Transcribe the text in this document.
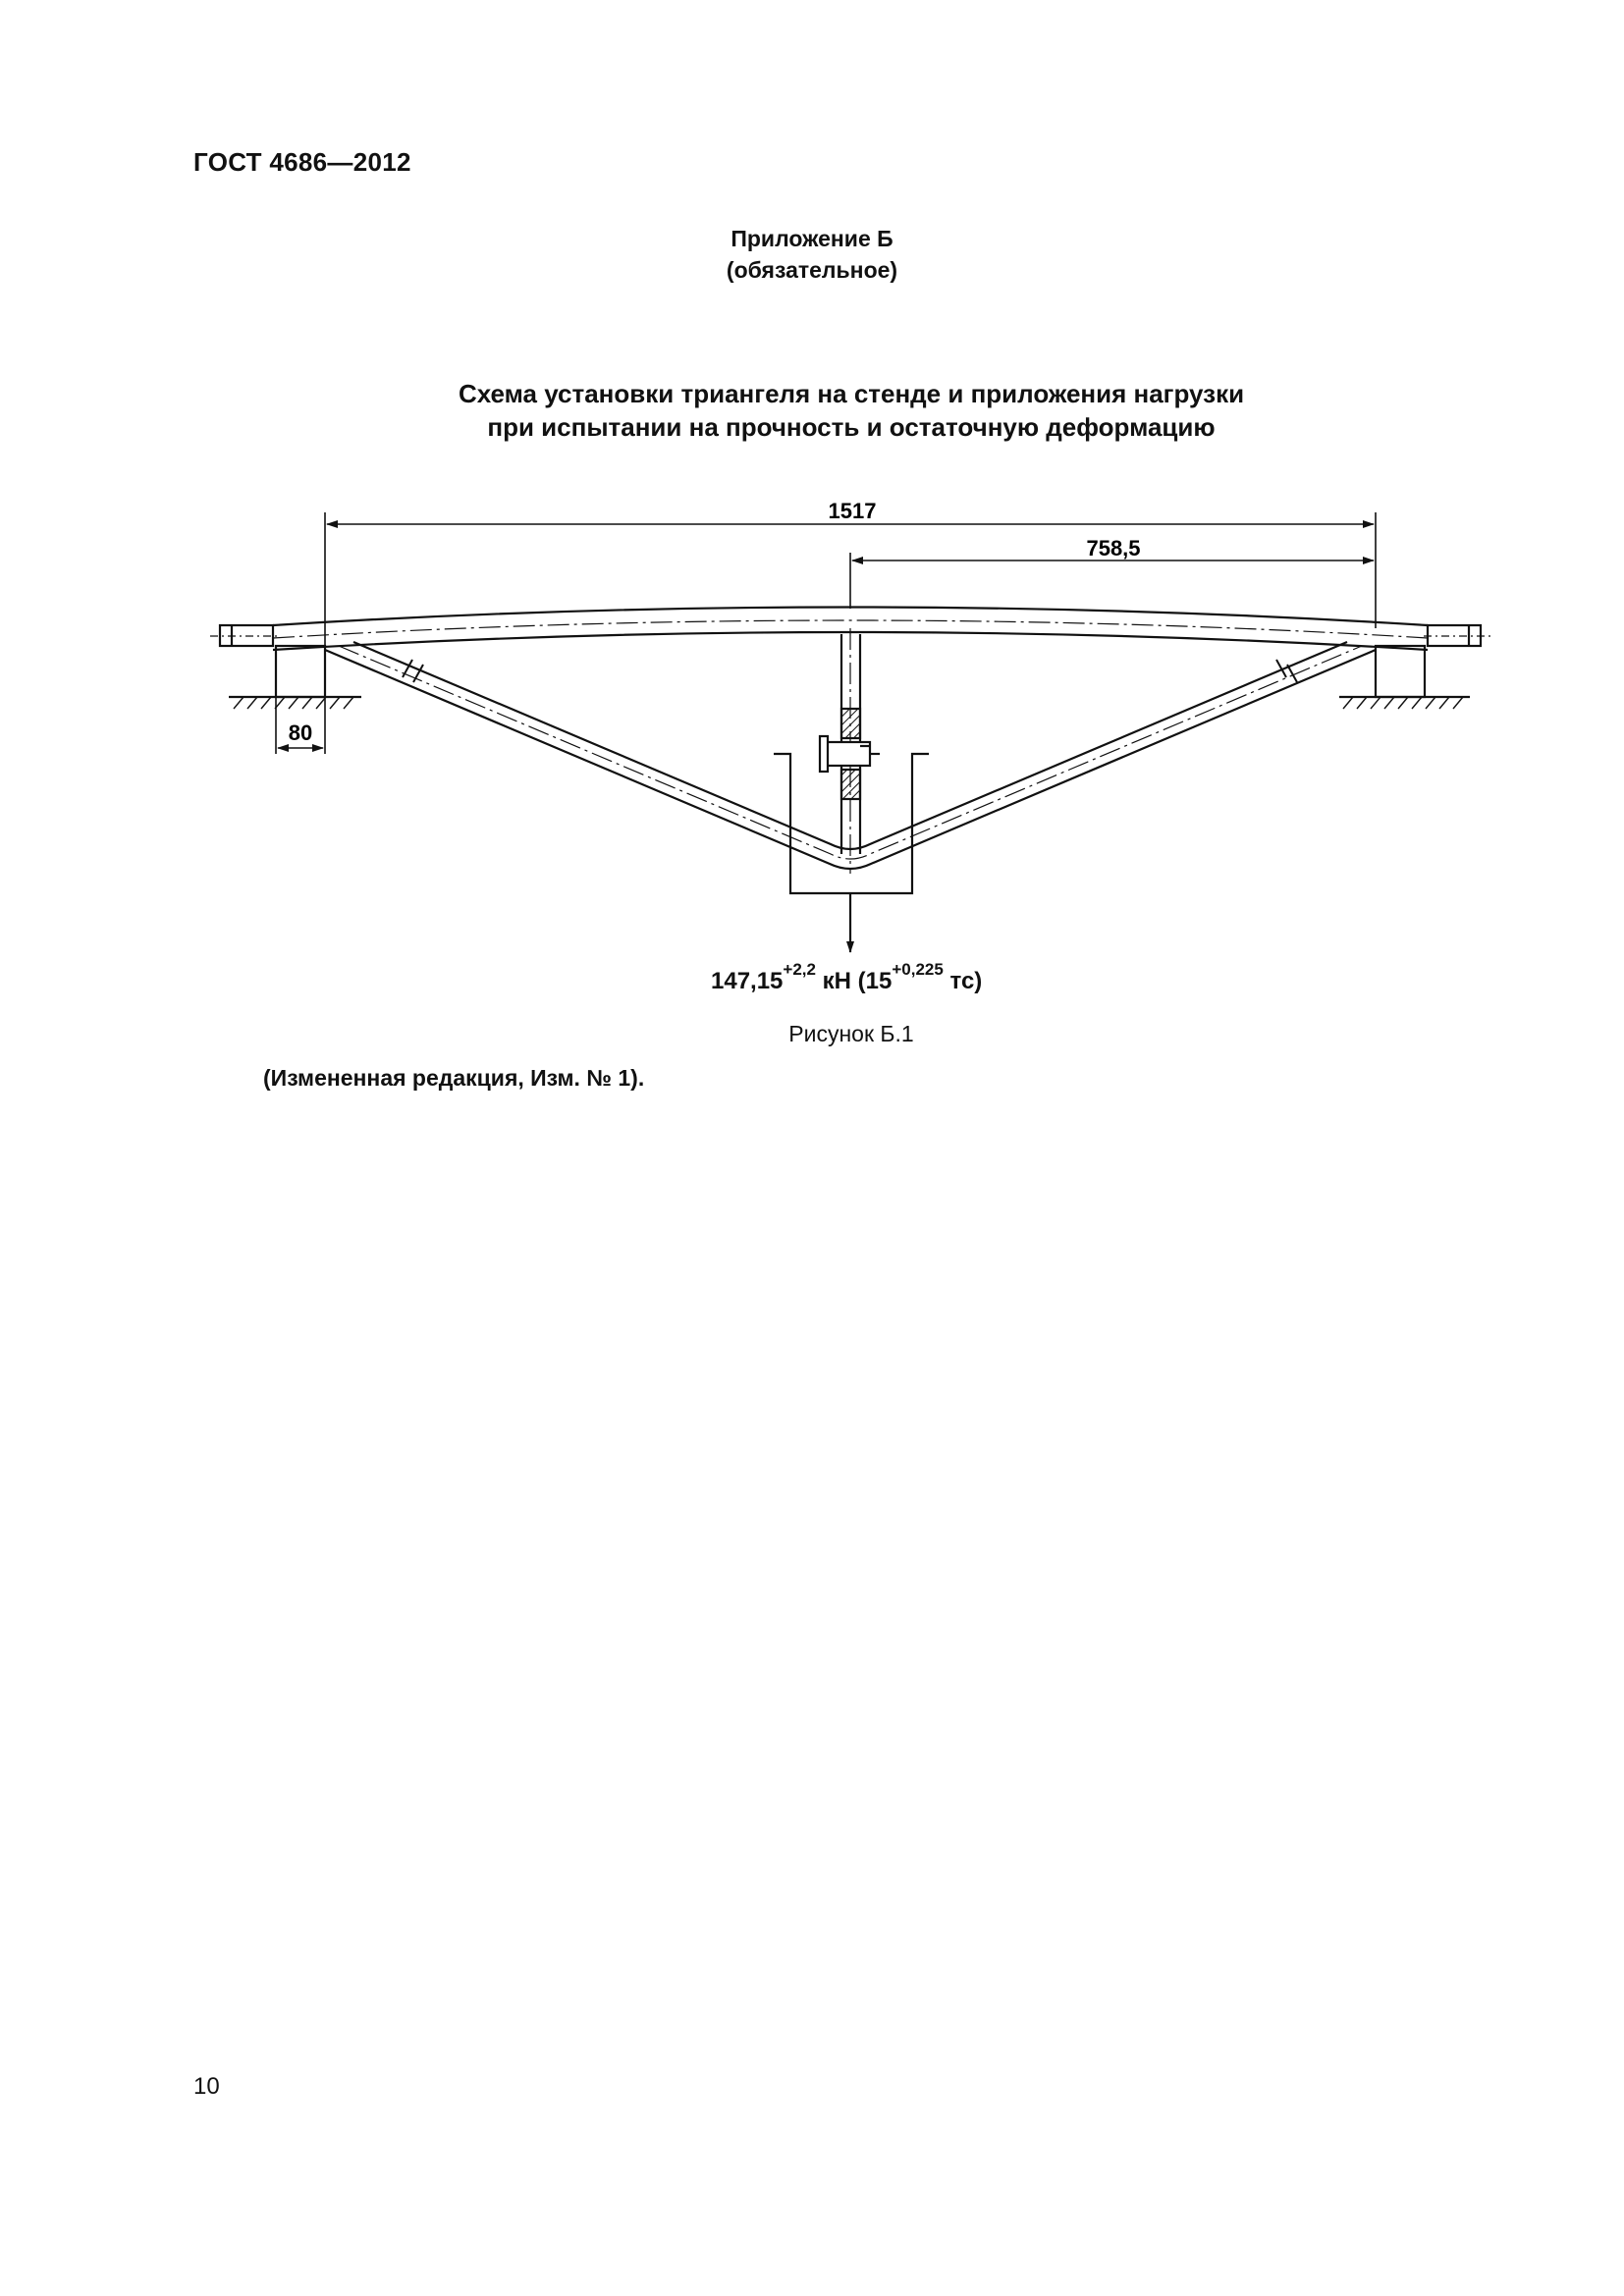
ГОСТ 4686—2012
Приложение Б
(обязательное)
Схема установки триангеля на стенде и приложения нагрузки
при испытании на прочность и остаточную деформацию
1517
758,5
80
$147,15^{+2,2}$ кН ($15^{+0,225}$ тс)
Рисунок Б.1
(Измененная редакция, Изм. № 1).
10
